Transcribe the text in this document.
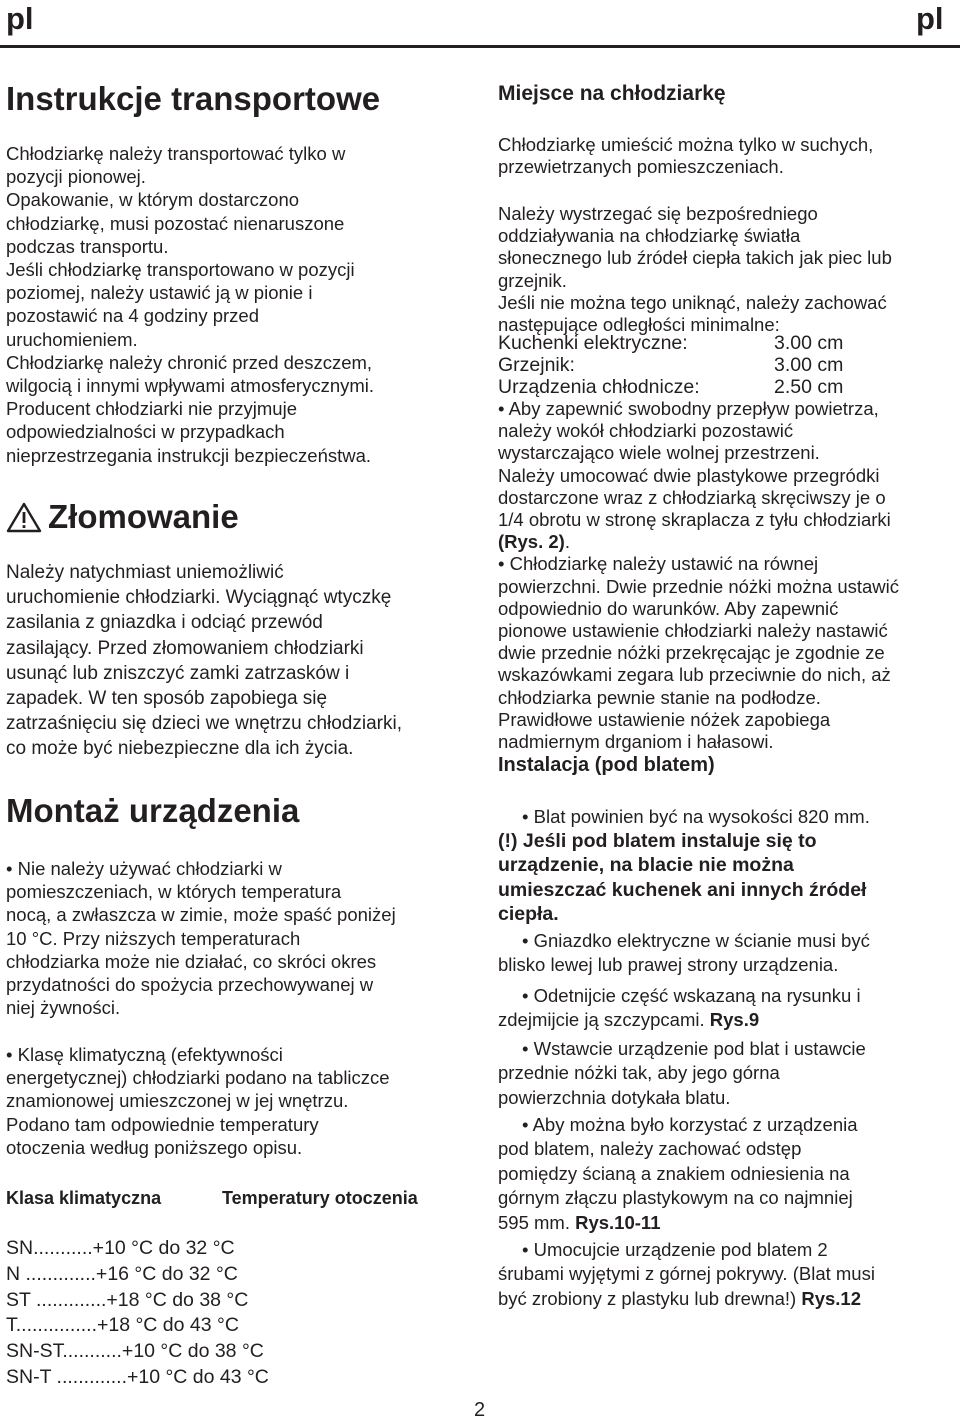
pl	pl
Instrukcje transportowe
Chłodziarkę należy transportować tylko w
pozycji pionowej.
Opakowanie, w którym dostarczono
chłodziarkę, musi pozostać nienaruszone
podczas transportu.
Jeśli chłodziarkę transportowano w pozycji
poziomej, należy ustawić ją w pionie i
pozostawić na 4 godziny przed
uruchomieniem.
Chłodziarkę należy chronić przed deszczem,
wilgocią i innymi wpływami atmosferycznymi.
Producent chłodziarki nie przyjmuje
odpowiedzialności w przypadkach
nieprzestrzegania instrukcji bezpieczeństwa.
Złomowanie
Należy natychmiast uniemożliwić
uruchomienie chłodziarki. Wyciągnąć wtyczkę
zasilania z gniazdka i odciąć przewód
zasilający. Przed złomowaniem chłodziarki
usunąć lub zniszczyć zamki zatrzasków i
zapadek. W ten sposób zapobiega się
zatrzaśnięciu się dzieci we wnętrzu chłodziarki,
co może być niebezpieczne dla ich życia.
Montaż urządzenia
• Nie należy używać chłodziarki w
pomieszczeniach, w których temperatura
nocą, a zwłaszcza w zimie, może spaść poniżej
10 °C. Przy niższych temperaturach
chłodziarka może nie działać, co skróci okres
przydatności do spożycia przechowywanej w
niej żywności.
• Klasę klimatyczną (efektywności
energetycznej) chłodziarki podano na tabliczce
znamionowej umieszczonej w jej wnętrzu.
Podano tam odpowiednie temperatury
otoczenia według poniższego opisu.
Klasa klimatyczna	Temperatury otoczenia
SN...........+10 °C do 32 °C
N .............+16 °C do 32 °C
ST .............+18 °C do 38 °C
T...............+18 °C do 43 °C
SN-ST...........+10 °C do 38 °C
SN-T .............+10 °C do 43 °C
Miejsce na chłodziarkę
Chłodziarkę umieścić można tylko w suchych,
przewietrzanych pomieszczeniach.
Należy wystrzegać się bezpośredniego
oddziaływania na chłodziarkę światła
słonecznego lub źródeł ciepła takich jak piec lub
grzejnik.
Jeśli nie można tego uniknąć, należy zachować
następujące odległości minimalne:
Kuchenki elektryczne:	3.00 cm
Grzejnik:	3.00 cm
Urządzenia chłodnicze:	2.50 cm
• Aby zapewnić swobodny przepływ powietrza,
należy wokół chłodziarki pozostawić
wystarczająco wiele wolnej przestrzeni.
Należy umocować dwie plastykowe przegródki
dostarczone wraz z chłodziarką skręciwszy je o
1/4 obrotu w stronę skraplacza z tyłu chłodziarki
(Rys. 2).
• Chłodziarkę należy ustawić na równej
powierzchni. Dwie przednie nóżki można ustawić
odpowiednio do warunków. Aby zapewnić
pionowe ustawienie chłodziarki należy nastawić
dwie przednie nóżki przekręcając je zgodnie ze
wskazówkami zegara lub przeciwnie do nich, aż
chłodziarka pewnie stanie na podłodze.
Prawidłowe ustawienie nóżek zapobiega
nadmiernym drganiom i hałasowi.
Instalacja (pod blatem)
• Blat powinien być na wysokości 820 mm.
(!) Jeśli pod blatem instaluje się to
urządzenie, na blacie nie można
umieszczać kuchenek ani innych źródeł
ciepła.
• Gniazdko elektryczne w ścianie musi być
blisko lewej lub prawej strony urządzenia.
• Odetnijcie część wskazaną na rysunku i
zdejmijcie ją szczypcami. Rys.9
• Wstawcie urządzenie pod blat i ustawcie
przednie nóżki tak, aby jego górna
powierzchnia dotykała blatu.
• Aby można było korzystać z urządzenia
pod blatem, należy zachować odstęp
pomiędzy ścianą a znakiem odniesienia na
górnym złączu plastykowym na co najmniej
595 mm. Rys.10-11
• Umocujcie urządzenie pod blatem 2
śrubami wyjętymi z górnej pokrywy. (Blat musi
być zrobiony z plastyku lub drewna!) Rys.12
2
